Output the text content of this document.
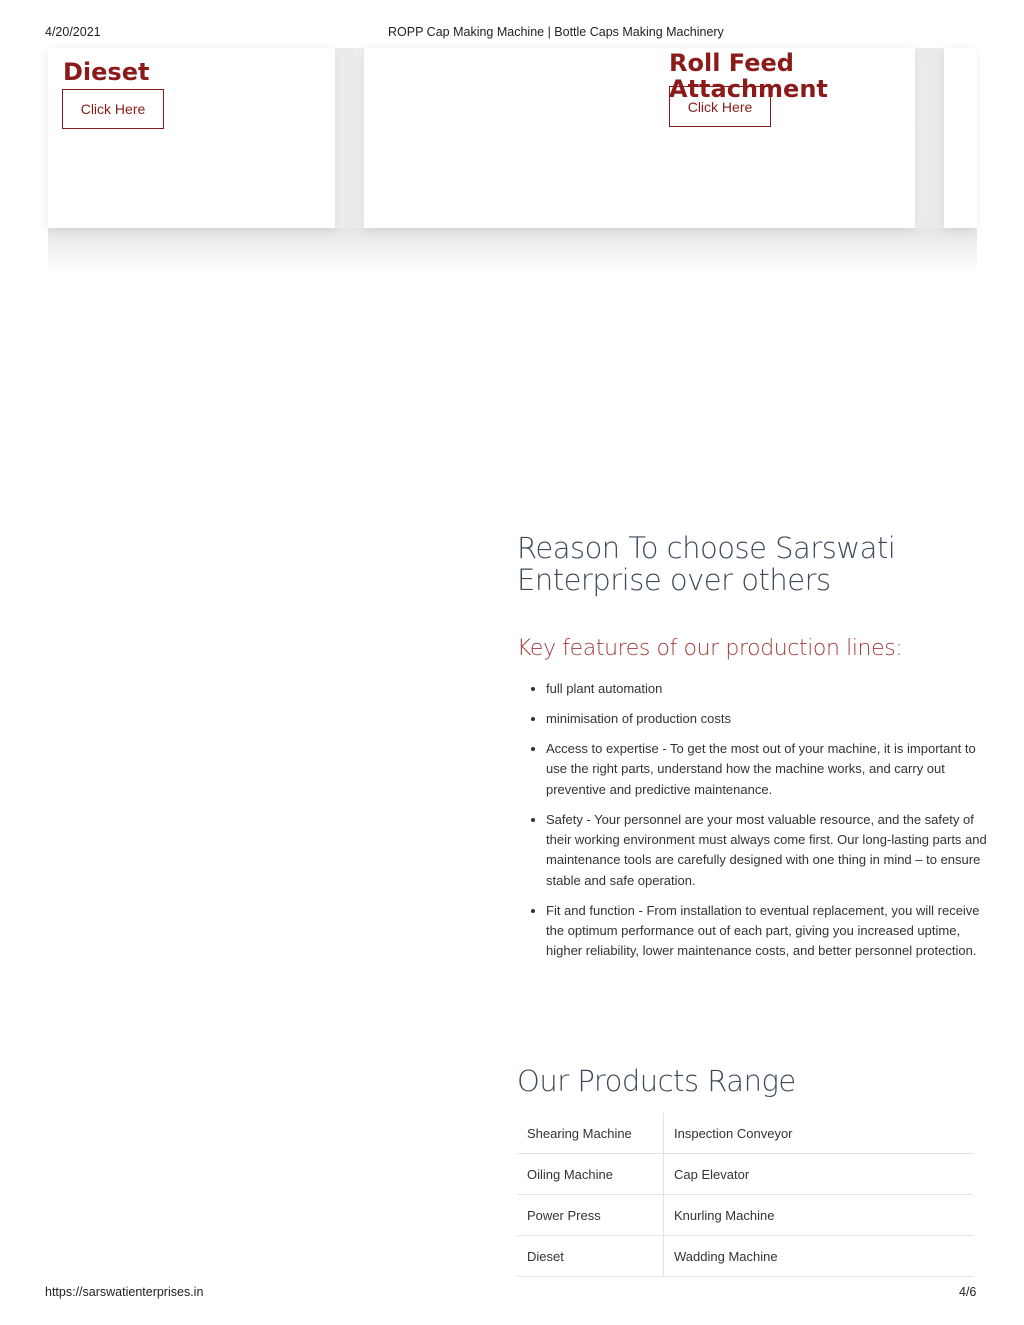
4/20/2021	ROPP Cap Making Machine | Bottle Caps Making Machinery
Dieset
Click Here
Roll Feed Attachment
Click Here
Reason To choose Sarswati Enterprise over others
Key features of our production lines:
• full plant automation
• minimisation of production costs
• Access to expertise - To get the most out of your machine, it is important to use the right parts, understand how the machine works, and carry out preventive and predictive maintenance.
• Safety - Your personnel are your most valuable resource, and the safety of their working environment must always come first. Our long-lasting parts and maintenance tools are carefully designed with one thing in mind – to ensure stable and safe operation.
• Fit and function - From installation to eventual replacement, you will receive the optimum performance out of each part, giving you increased uptime, higher reliability, lower maintenance costs, and better personnel protection.
Our Products Range
Shearing Machine	Inspection Conveyor
Oiling Machine	Cap Elevator
Power Press	Knurling Machine
Dieset	Wadding Machine
https://sarswatienterprises.in	4/6
